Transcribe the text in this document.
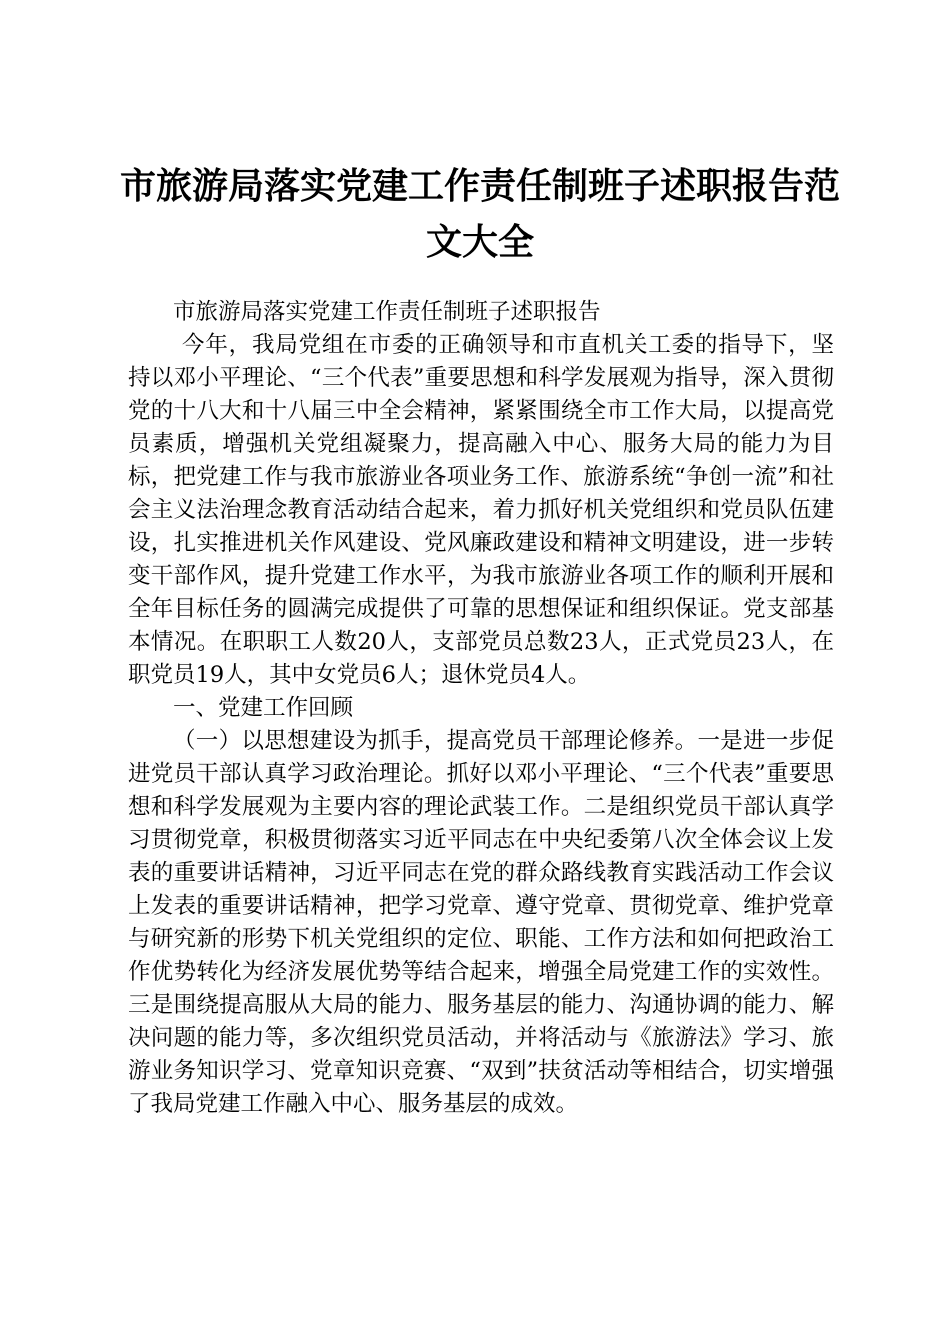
市旅游局落实党建工作责任制班子述职报告范文大全

市旅游局落实党建工作责任制班子述职报告

今年，我局党组在市委的正确领导和市直机关工委的指导下，坚持以邓小平理论、“三个代表”重要思想和科学发展观为指导，深入贯彻党的十八大和十八届三中全会精神，紧紧围绕全市工作大局，以提高党员素质，增强机关党组凝聚力，提高融入中心、服务大局的能力为目标，把党建工作与我市旅游业各项业务工作、旅游系统“争创一流”和社会主义法治理念教育活动结合起来，着力抓好机关党组织和党员队伍建设，扎实推进机关作风建设、党风廉政建设和精神文明建设，进一步转变干部作风，提升党建工作水平，为我市旅游业各项工作的顺利开展和全年目标任务的圆满完成提供了可靠的思想保证和组织保证。党支部基本情况。在职职工人数20人，支部党员总数23人，正式党员23人，在职党员19人，其中女党员6人；退休党员4人。

一、党建工作回顾

（一）以思想建设为抓手，提高党员干部理论修养。一是进一步促进党员干部认真学习政治理论。抓好以邓小平理论、“三个代表”重要思想和科学发展观为主要内容的理论武装工作。二是组织党员干部认真学习贯彻党章，积极贯彻落实习近平同志在中央纪委第八次全体会议上发表的重要讲话精神，习近平同志在党的群众路线教育实践活动工作会议上发表的重要讲话精神，把学习党章、遵守党章、贯彻党章、维护党章与研究新的形势下机关党组织的定位、职能、工作方法和如何把政治工作优势转化为经济发展优势等结合起来，增强全局党建工作的实效性。三是围绕提高服从大局的能力、服务基层的能力、沟通协调的能力、解决问题的能力等，多次组织党员活动，并将活动与《旅游法》学习、旅游业务知识学习、党章知识竞赛、“双到”扶贫活动等相结合，切实增强了我局党建工作融入中心、服务基层的成效。
